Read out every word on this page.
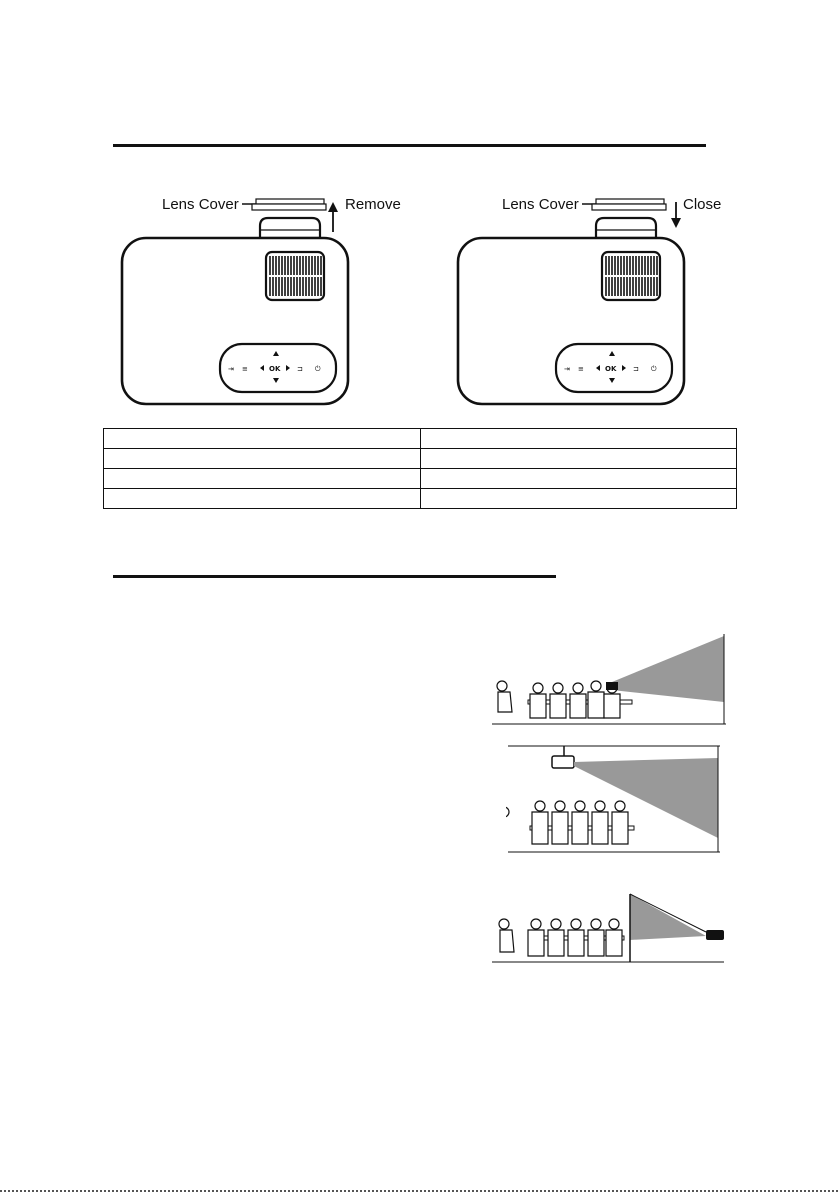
Lens Cover	Remove
⇥ ≡	OK ⊐ ⏻
Lens Cover	Close
⇥ ≡	OK ⊐ ⏻
